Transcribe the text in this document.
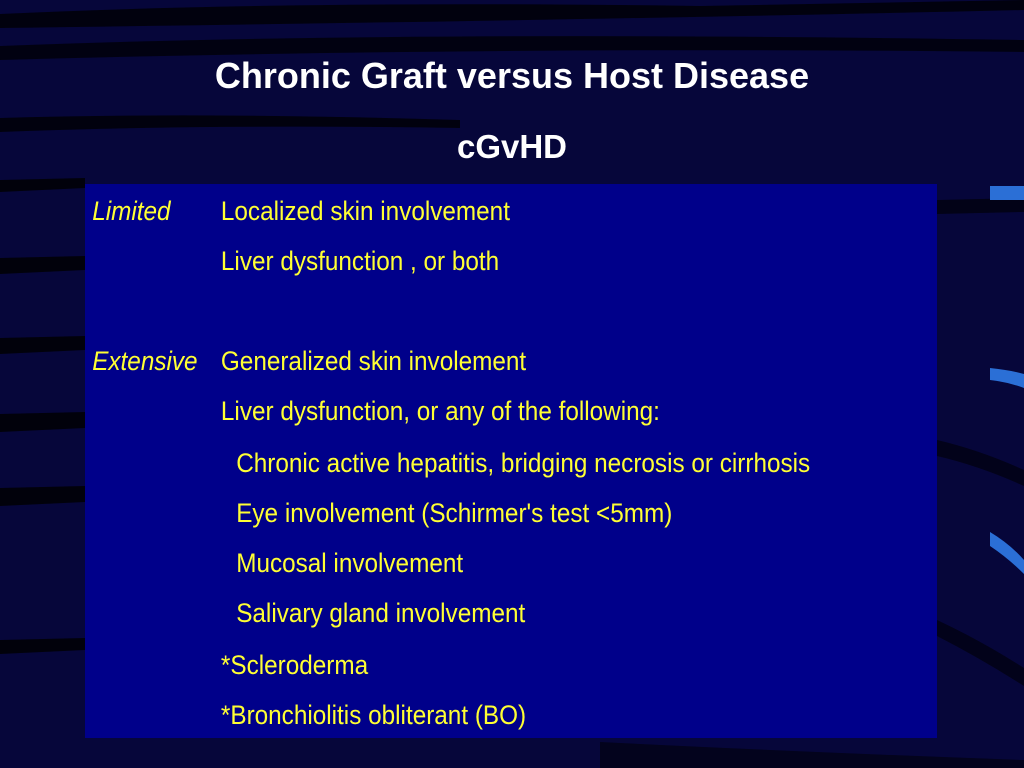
Chronic Graft versus Host Disease
cGvHD
Limited Localized skin involvement
Liver dysfunction , or both
Extensive Generalized skin involement
Liver dysfunction, or any of the following:
Chronic active hepatitis, bridging necrosis or cirrhosis
Eye involvement (Schirmer's test <5mm)
Mucosal involvement
Salivary gland involvement
*Scleroderma
*Bronchiolitis obliterant (BO)
